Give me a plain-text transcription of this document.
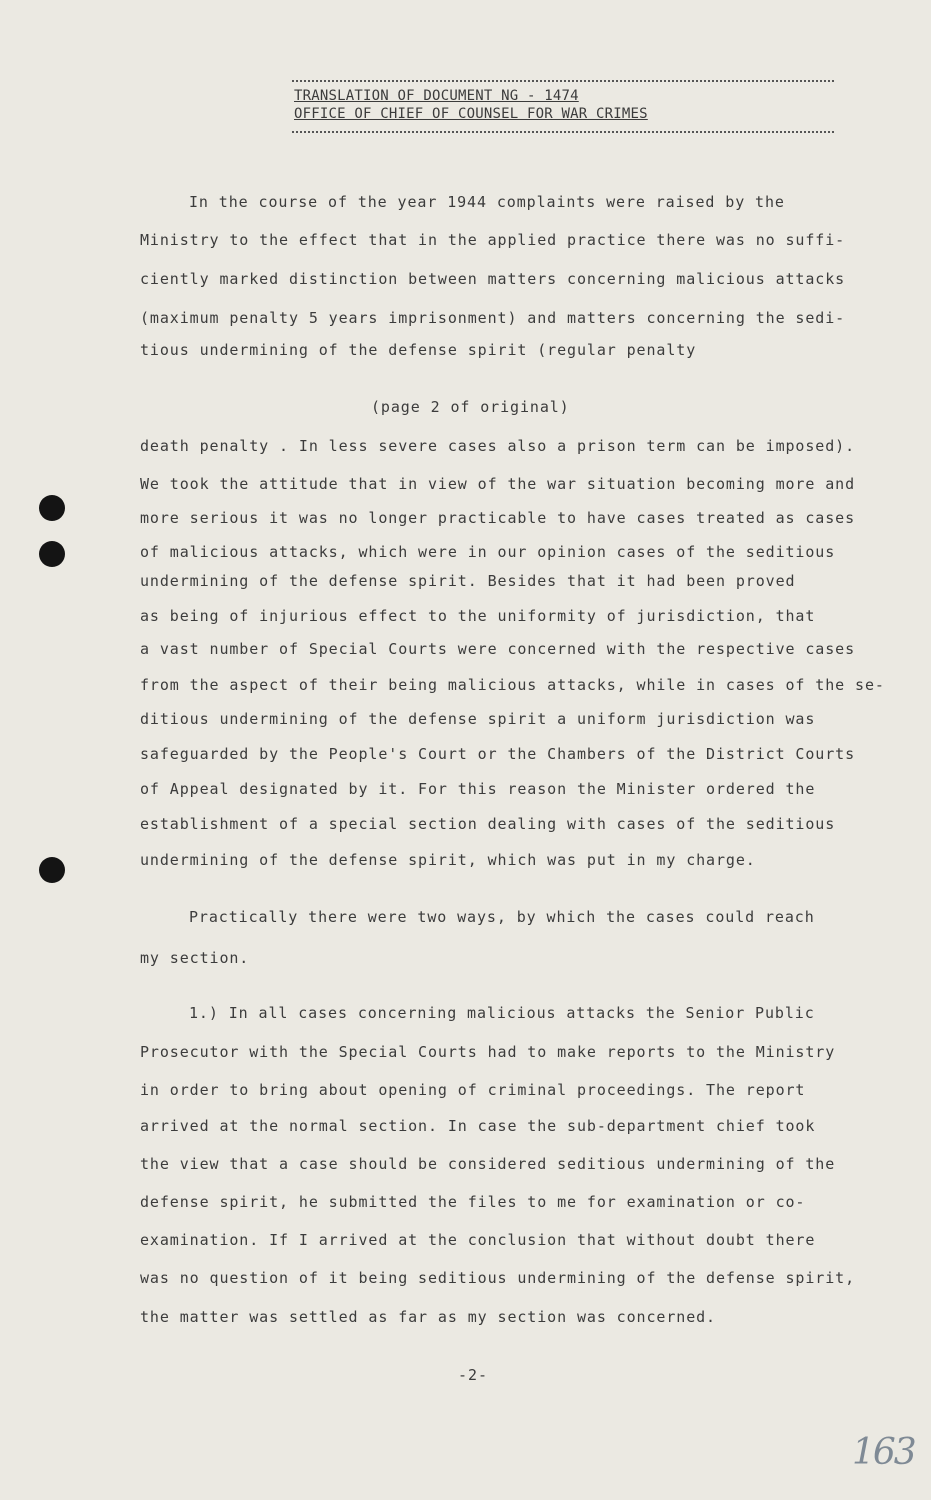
TRANSLATION OF DOCUMENT NG - 1474
OFFICE OF CHIEF OF COUNSEL FOR WAR CRIMES
In the course of the year 1944 complaints were raised by the
Ministry to the effect that in the applied practice there was no suffi-
ciently marked distinction between matters concerning malicious attacks
(maximum penalty 5 years imprisonment) and matters concerning the sedi-
tious undermining of the defense spirit (regular penalty
(page 2 of original)
death penalty . In less severe cases also a prison term can be imposed).
We took the attitude that in view of the war situation becoming more and
more serious it was no longer practicable to have cases treated as cases
of malicious attacks, which were in our opinion cases of the seditious
undermining of the defense spirit. Besides that it had been proved
as being of injurious effect to the uniformity of jurisdiction, that
a vast number of Special Courts were concerned with the respective cases
from the aspect of their being malicious attacks, while in cases of the se-
ditious undermining of the defense spirit a uniform jurisdiction was
safeguarded by the People's Court or the Chambers of the District Courts
of Appeal designated by it. For this reason the Minister ordered the
establishment of a special section dealing with cases of the seditious
undermining of the defense spirit, which was put in my charge.
Practically there were two ways, by which the cases could reach
my section.
1.) In all cases concerning malicious attacks the Senior Public
Prosecutor with the Special Courts had to make reports to the Ministry
in order to bring about opening of criminal proceedings. The report
arrived at the normal section. In case the sub-department chief took
the view that a case should be considered seditious undermining of the
defense spirit, he submitted the files to me for examination or co-
examination. If I arrived at the conclusion that without doubt there
was no question of it being seditious undermining of the defense spirit,
the matter was settled as far as my section was concerned.
-2-
163
